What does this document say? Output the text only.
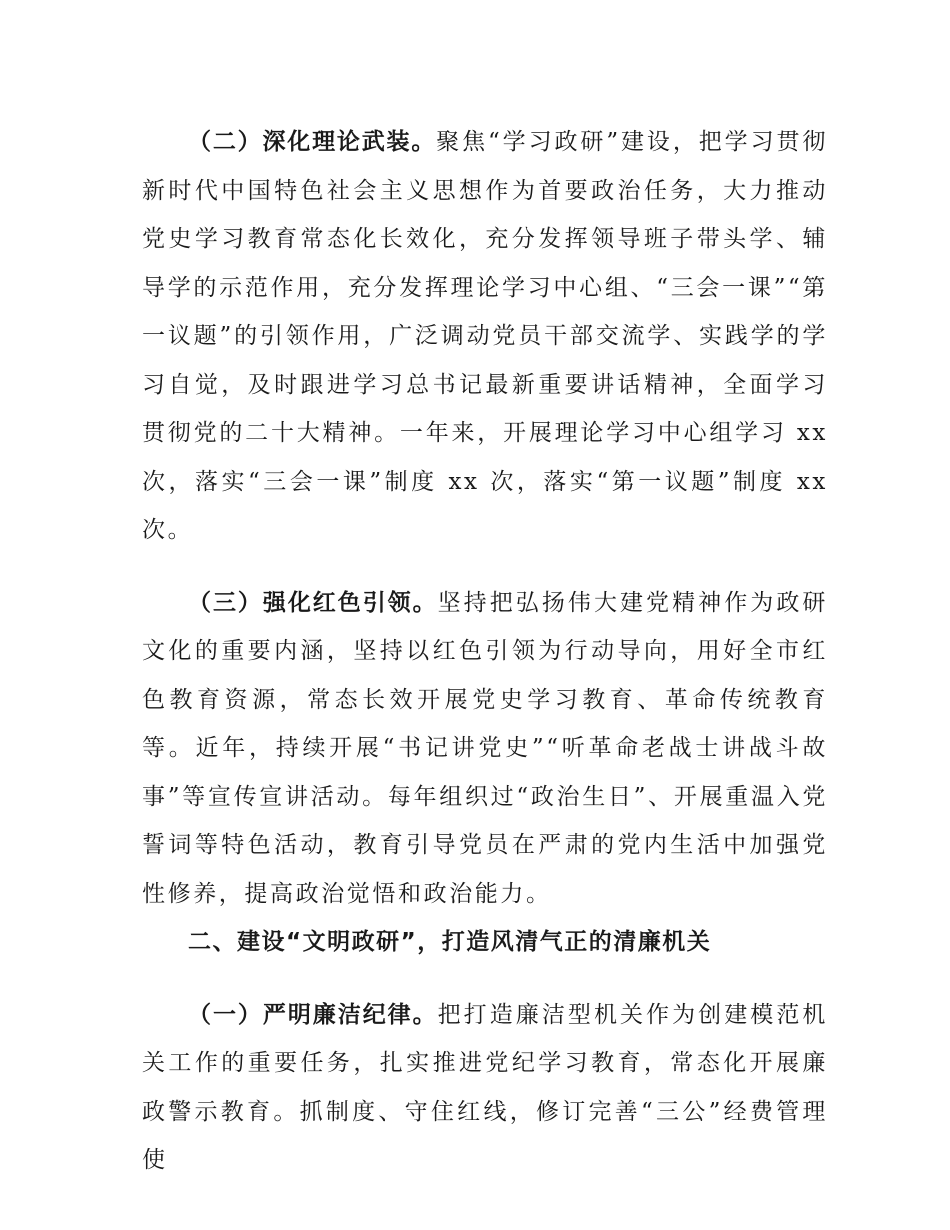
（二）深化理论武装。聚焦“学习政研”建设，把学习贯彻新时代中国特色社会主义思想作为首要政治任务，大力推动党史学习教育常态化长效化，充分发挥领导班子带头学、辅导学的示范作用，充分发挥理论学习中心组、“三会一课”“第一议题”的引领作用，广泛调动党员干部交流学、实践学的学习自觉，及时跟进学习总书记最新重要讲话精神，全面学习贯彻党的二十大精神。一年来，开展理论学习中心组学习 xx 次，落实“三会一课”制度 xx 次，落实“第一议题”制度 xx 次。

（三）强化红色引领。坚持把弘扬伟大建党精神作为政研文化的重要内涵，坚持以红色引领为行动导向，用好全市红色教育资源，常态长效开展党史学习教育、革命传统教育等。近年，持续开展“书记讲党史”“听革命老战士讲战斗故事”等宣传宣讲活动。每年组织过“政治生日”、开展重温入党誓词等特色活动，教育引导党员在严肃的党内生活中加强党性修养，提高政治觉悟和政治能力。

二、建设“文明政研”，打造风清气正的清廉机关

（一）严明廉洁纪律。把打造廉洁型机关作为创建模范机关工作的重要任务，扎实推进党纪学习教育，常态化开展廉政警示教育。抓制度、守住红线，修订完善“三公”经费管理使
